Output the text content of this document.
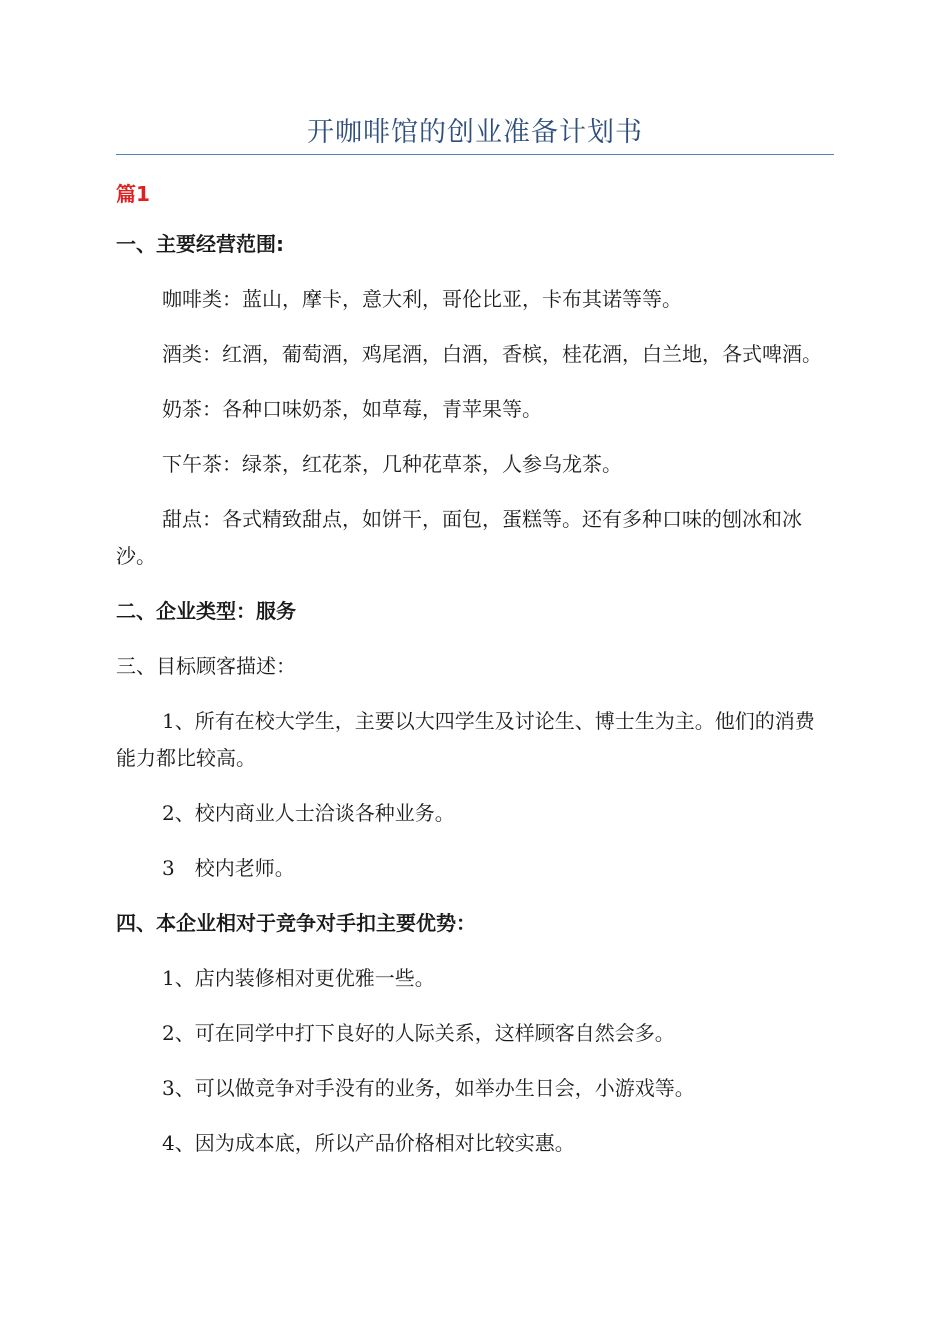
开咖啡馆的创业准备计划书
篇1
一、主要经营范围:
咖啡类：蓝山，摩卡，意大利，哥伦比亚，卡布其诺等等。
酒类：红酒，葡萄酒，鸡尾酒，白酒，香槟，桂花酒，白兰地，各式啤酒。
奶茶：各种口味奶茶，如草莓，青苹果等。
下午茶：绿茶，红花茶，几种花草茶，人参乌龙茶。
甜点：各式精致甜点，如饼干，面包，蛋糕等。还有多种口味的刨冰和冰沙。
二、企业类型：服务
三、目标顾客描述：
1、所有在校大学生，主要以大四学生及讨论生、博士生为主。他们的消费能力都比较高。
2、校内商业人士洽谈各种业务。
3　校内老师。
四、本企业相对于竞争对手扣主要优势：
1、店内装修相对更优雅一些。
2、可在同学中打下良好的人际关系，这样顾客自然会多。
3、可以做竞争对手没有的业务，如举办生日会，小游戏等。
4、因为成本底，所以产品价格相对比较实惠。
